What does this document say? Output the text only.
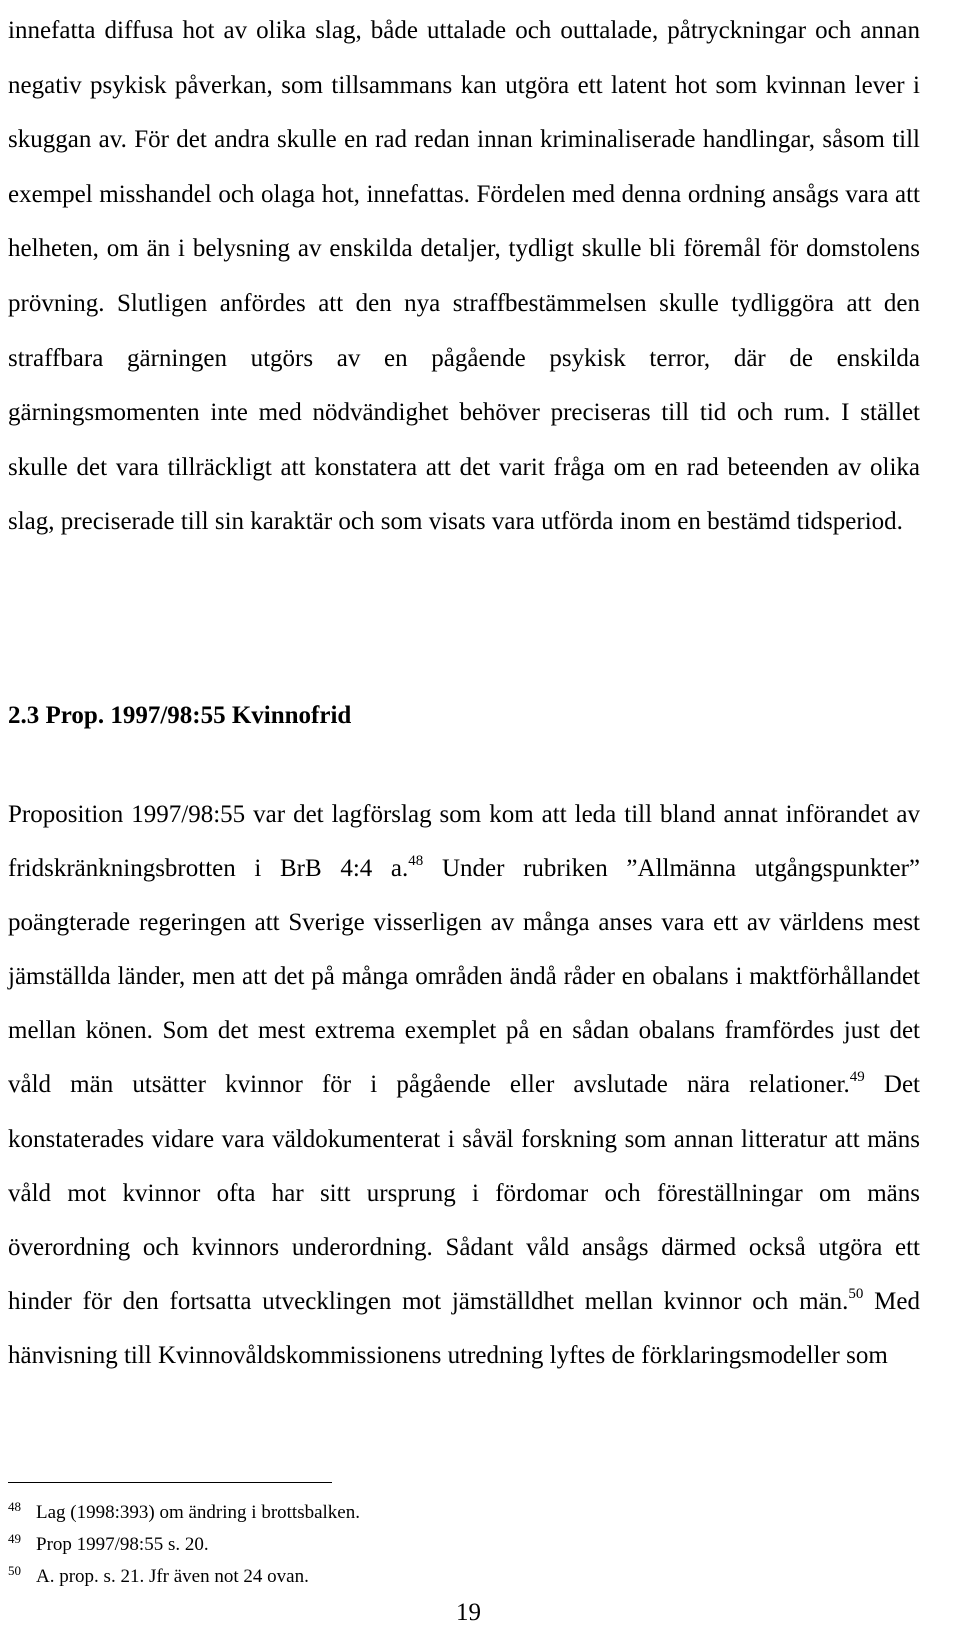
innefatta diffusa hot av olika slag, både uttalade och outtalade, påtryckningar och annan negativ psykisk påverkan, som tillsammans kan utgöra ett latent hot som kvinnan lever i skuggan av. För det andra skulle en rad redan innan kriminaliserade handlingar, såsom till exempel misshandel och olaga hot, innefattas. Fördelen med denna ordning ansågs vara att helheten, om än i belysning av enskilda detaljer, tydligt skulle bli föremål för domstolens prövning. Slutligen anfördes att den nya straffbestämmelsen skulle tydliggöra att den straffbara gärningen utgörs av en pågående psykisk terror, där de enskilda gärningsmomenten inte med nödvändighet behöver preciseras till tid och rum. I stället skulle det vara tillräckligt att konstatera att det varit fråga om en rad beteenden av olika slag, preciserade till sin karaktär och som visats vara utförda inom en bestämd tidsperiod.

2.3 Prop. 1997/98:55 Kvinnofrid

Proposition 1997/98:55 var det lagförslag som kom att leda till bland annat införandet av fridskränkningsbrotten i BrB 4:4 a.$^{48}$ Under rubriken ”Allmänna utgångspunkter” poängterade regeringen att Sverige visserligen av många anses vara ett av världens mest jämställda länder, men att det på många områden ändå råder en obalans i maktförhållandet mellan könen. Som det mest extrema exemplet på en sådan obalans framfördes just det våld män utsätter kvinnor för i pågående eller avslutade nära relationer.$^{49}$ Det konstaterades vidare vara väldokumenterat i såväl forskning som annan litteratur att mäns våld mot kvinnor ofta har sitt ursprung i fördomar och föreställningar om mäns överordning och kvinnors underordning. Sådant våld ansågs därmed också utgöra ett hinder för den fortsatta utvecklingen mot jämställdhet mellan kvinnor och män.$^{50}$ Med hänvisning till Kvinnovåldskommissionens utredning lyftes de förklaringsmodeller som

48 Lag (1998:393) om ändring i brottsbalken.
49 Prop 1997/98:55 s. 20.
50 A. prop. s. 21. Jfr även not 24 ovan.
19
